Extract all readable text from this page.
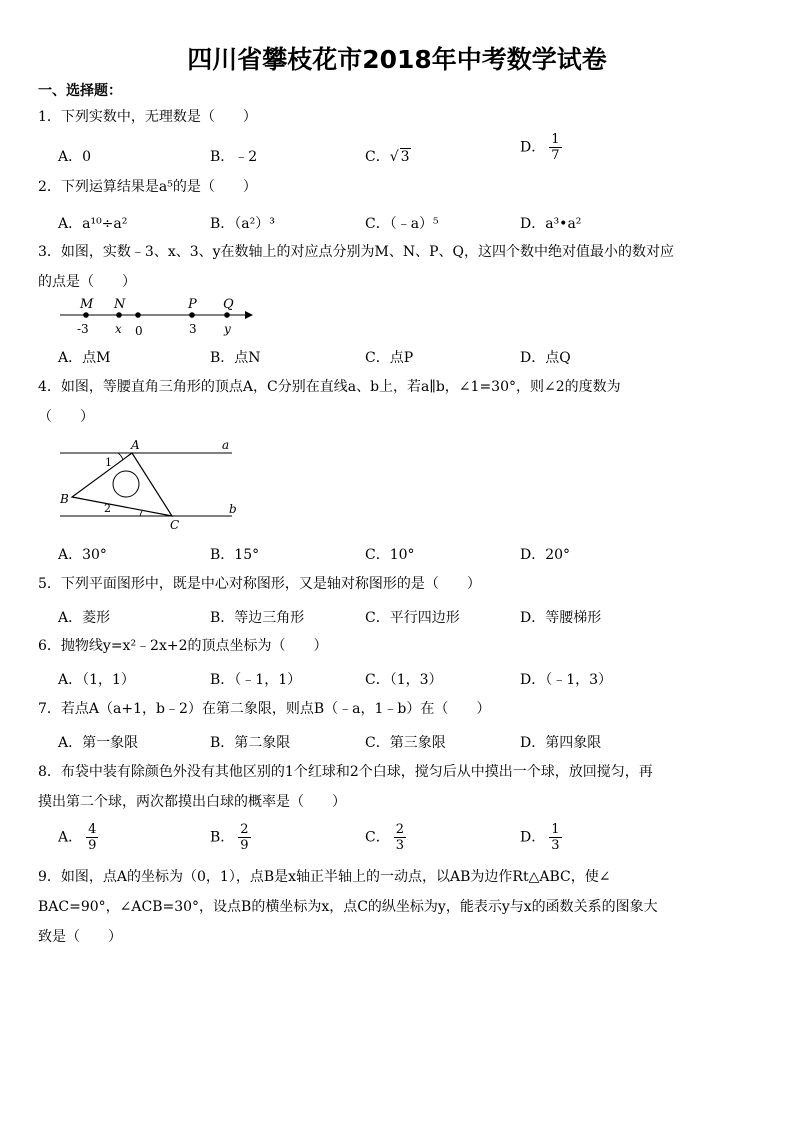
四川省攀枝花市2018年中考数学试卷
一、选择题：
1．下列实数中，无理数是（　　）
A．0	B．﹣2	C．√ 3
D． $\frac{1}{7}$
2．下列运算结果是a⁵的是（　　）
A．a¹⁰÷a²	B．（a²）³	C．（﹣a）⁵	D．a³•a²
3．如图，实数﹣3、x、3、y在数轴上的对应点分别为M、N、P、Q，这四个数中绝对值最小的数对应
的点是（　　）
M N	P Q
-3 x 0	3 y
A．点M	B．点N	C．点P	D．点Q
4．如图，等腰直角三角形的顶点A，C分别在直线a、b上，若a∥b，∠1=30°，则∠2的度数为
（　　）
A
B
C
a
b
1
2
A．30°	B．15°	C．10°	D．20°
5．下列平面图形中，既是中心对称图形，又是轴对称图形的是（　　）
A．菱形	B．等边三角形	C．平行四边形	D．等腰梯形
6．抛物线y=x²﹣2x+2的顶点坐标为（　　）
A．（1，1）	B．（﹣1，1）	C．（1，3）	D．（﹣1，3）
7．若点A（a+1，b﹣2）在第二象限，则点B（﹣a，1﹣b）在（　　）
A．第一象限	B．第二象限	C．第三象限	D．第四象限
8．布袋中装有除颜色外没有其他区别的1个红球和2个白球，搅匀后从中摸出一个球，放回搅匀，再
摸出第二个球，两次都摸出白球的概率是（　　）
A． $\frac{4}{9}$	B． $\frac{2}{9}$	C． $\frac{2}{3}$	D． $\frac{1}{3}$
9．如图，点A的坐标为（0，1），点B是x轴正半轴上的一动点，以AB为边作Rt△ABC，使∠
BAC=90°，∠ACB=30°，设点B的横坐标为x，点C的纵坐标为y，能表示y与x的函数关系的图象大
致是（　　）
